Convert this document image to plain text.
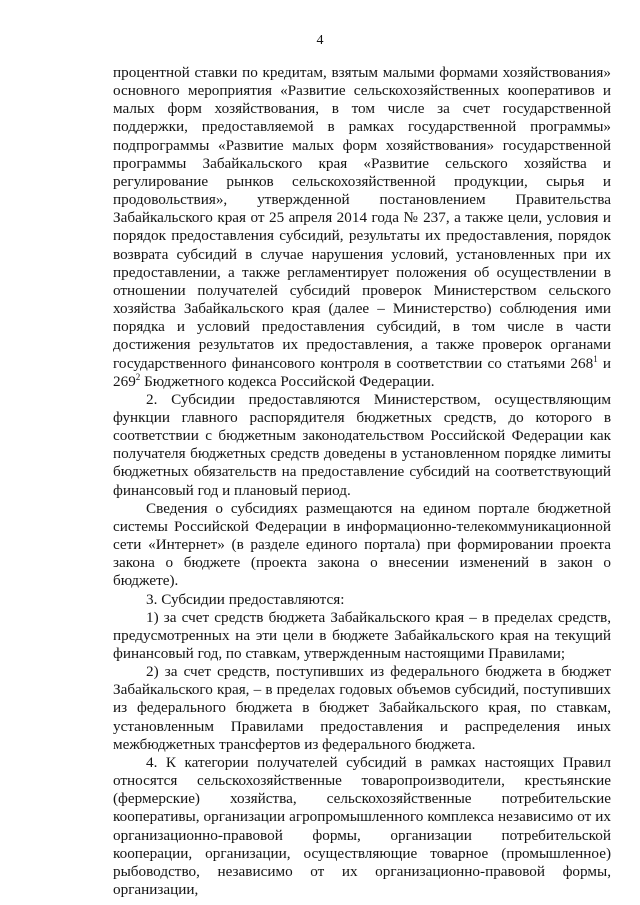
4

процентной ставки по кредитам, взятым малыми формами хозяйствования» основного мероприятия «Развитие сельскохозяйственных кооперативов и малых форм хозяйствования, в том числе за счет государственной поддержки, предоставляемой в рамках государственной программы» подпрограммы «Развитие малых форм хозяйствования» государственной программы Забайкальского края «Развитие сельского хозяйства и регулирование рынков сельскохозяйственной продукции, сырья и продовольствия», утвержденной постановлением Правительства Забайкальского края от 25 апреля 2014 года № 237, а также цели, условия и порядок предоставления субсидий, результаты их предоставления, порядок возврата субсидий в случае нарушения условий, установленных при их предоставлении, а также регламентирует положения об осуществлении в отношении получателей субсидий проверок Министерством сельского хозяйства Забайкальского края (далее – Министерство) соблюдения ими порядка и условий предоставления субсидий, в том числе в части достижения результатов их предоставления, а также проверок органами государственного финансового контроля в соответствии со статьями $268^1$ и $269^2$ Бюджетного кодекса Российской Федерации.

2. Субсидии предоставляются Министерством, осуществляющим функции главного распорядителя бюджетных средств, до которого в соответствии с бюджетным законодательством Российской Федерации как получателя бюджетных средств доведены в установленном порядке лимиты бюджетных обязательств на предоставление субсидий на соответствующий финансовый год и плановый период.

Сведения о субсидиях размещаются на едином портале бюджетной системы Российской Федерации в информационно-телекоммуникационной сети «Интернет» (в разделе единого портала) при формировании проекта закона о бюджете (проекта закона о внесении изменений в закон о бюджете).

3. Субсидии предоставляются:

1) за счет средств бюджета Забайкальского края – в пределах средств, предусмотренных на эти цели в бюджете Забайкальского края на текущий финансовый год, по ставкам, утвержденным настоящими Правилами;

2) за счет средств, поступивших из федерального бюджета в бюджет Забайкальского края, – в пределах годовых объемов субсидий, поступивших из федерального бюджета в бюджет Забайкальского края, по ставкам, установленным Правилами предоставления и распределения иных межбюджетных трансфертов из федерального бюджета.

4. К категории получателей субсидий в рамках настоящих Правил относятся сельскохозяйственные товаропроизводители, крестьянские (фермерские) хозяйства, сельскохозяйственные потребительские кооперативы, организации агропромышленного комплекса независимо от их организационно-правовой формы, организации потребительской кооперации, организации, осуществляющие товарное (промышленное) рыбоводство, независимо от их организационно-правовой формы, организации,
